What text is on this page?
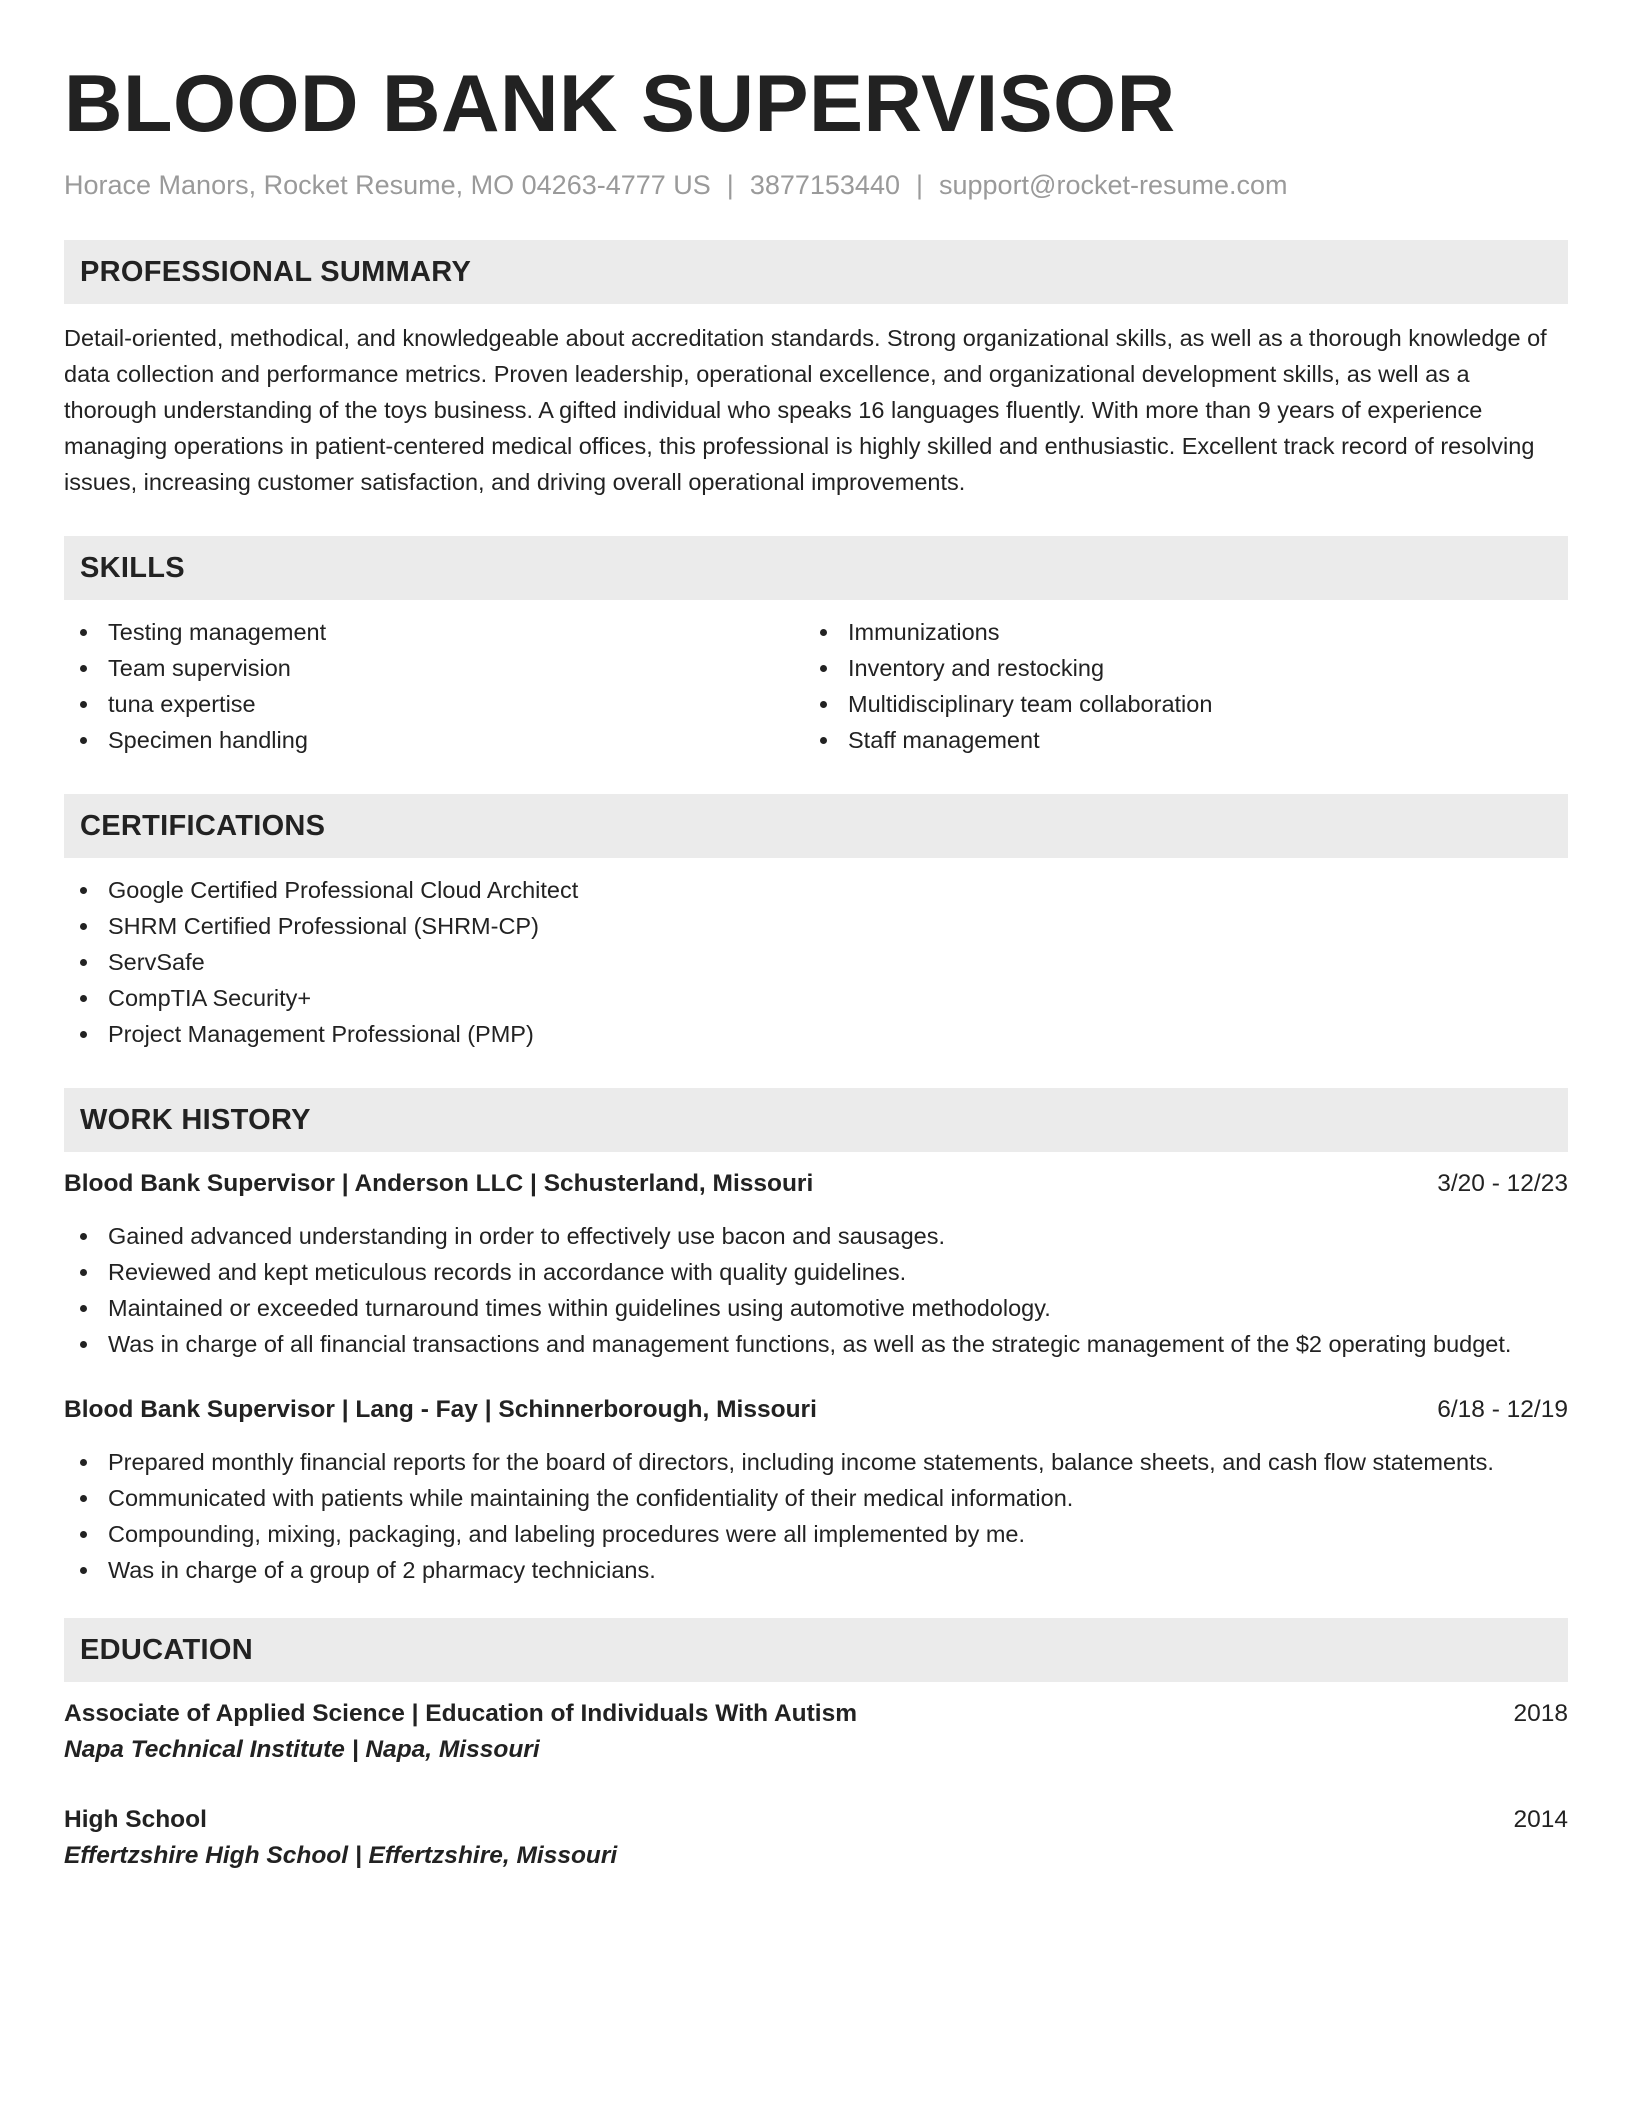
BLOOD BANK SUPERVISOR
Horace Manors, Rocket Resume, MO 04263-4777 US | 3877153440 | support@rocket-resume.com
PROFESSIONAL SUMMARY
Detail-oriented, methodical, and knowledgeable about accreditation standards. Strong organizational skills, as well as a thorough knowledge of data collection and performance metrics. Proven leadership, operational excellence, and organizational development skills, as well as a thorough understanding of the toys business. A gifted individual who speaks 16 languages fluently. With more than 9 years of experience managing operations in patient-centered medical offices, this professional is highly skilled and enthusiastic. Excellent track record of resolving issues, increasing customer satisfaction, and driving overall operational improvements.
SKILLS
Testing management
Team supervision
tuna expertise
Specimen handling
Immunizations
Inventory and restocking
Multidisciplinary team collaboration
Staff management
CERTIFICATIONS
Google Certified Professional Cloud Architect
SHRM Certified Professional (SHRM-CP)
ServSafe
CompTIA Security+
Project Management Professional (PMP)
WORK HISTORY
Blood Bank Supervisor | Anderson LLC | Schusterland, Missouri	3/20 - 12/23
Gained advanced understanding in order to effectively use bacon and sausages.
Reviewed and kept meticulous records in accordance with quality guidelines.
Maintained or exceeded turnaround times within guidelines using automotive methodology.
Was in charge of all financial transactions and management functions, as well as the strategic management of the $2 operating budget.
Blood Bank Supervisor | Lang - Fay | Schinnerborough, Missouri	6/18 - 12/19
Prepared monthly financial reports for the board of directors, including income statements, balance sheets, and cash flow statements.
Communicated with patients while maintaining the confidentiality of their medical information.
Compounding, mixing, packaging, and labeling procedures were all implemented by me.
Was in charge of a group of 2 pharmacy technicians.
EDUCATION
Associate of Applied Science | Education of Individuals With Autism	2018
Napa Technical Institute | Napa, Missouri
High School	2014
Effertzshire High School | Effertzshire, Missouri
